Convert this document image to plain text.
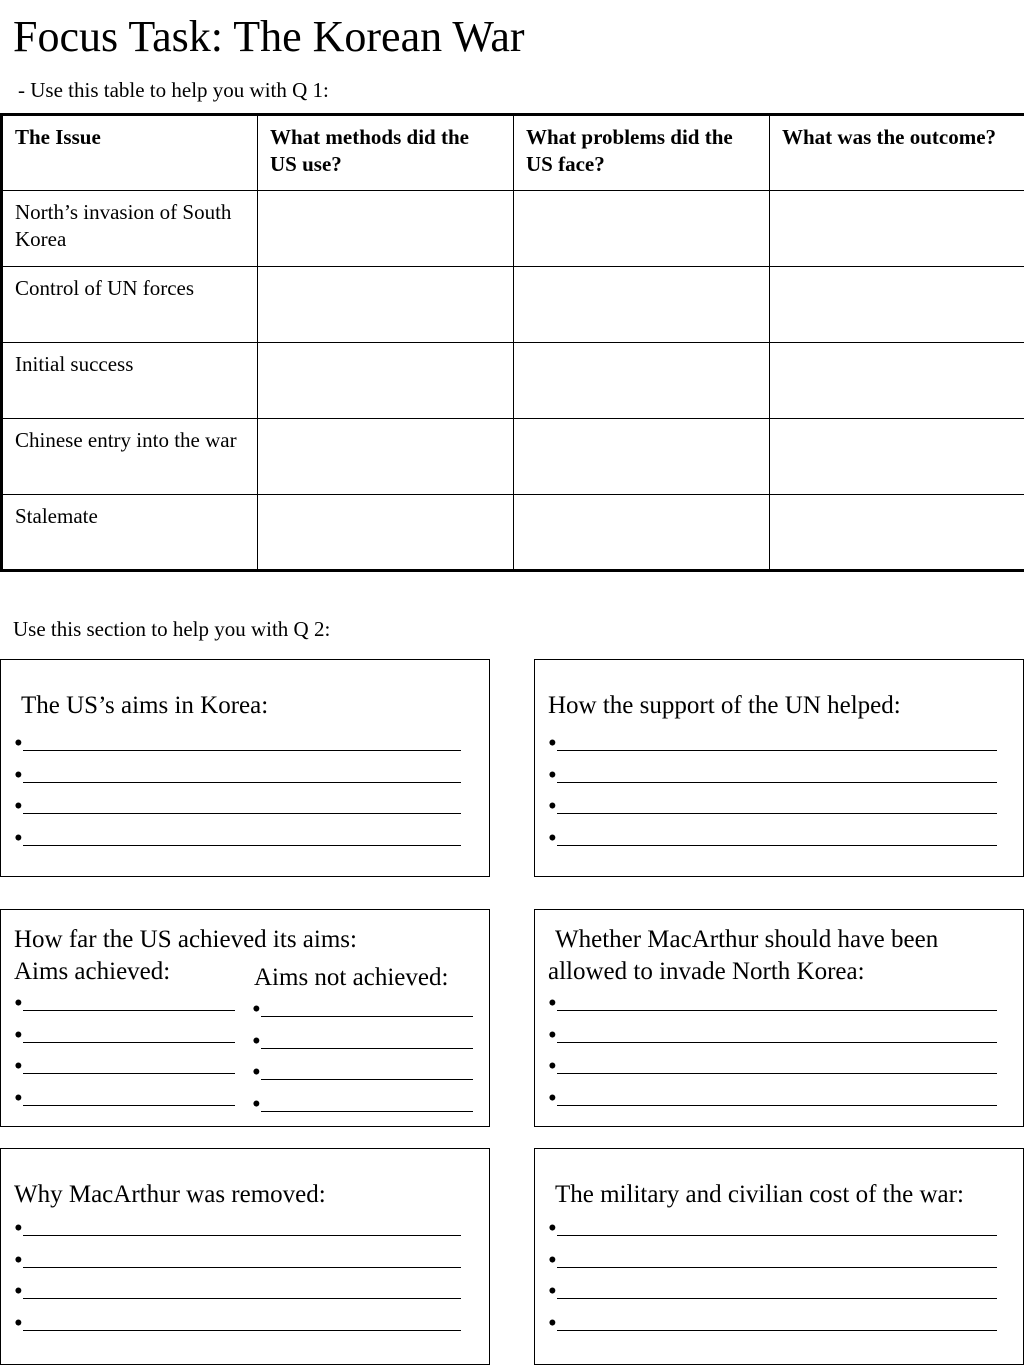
Focus Task: The Korean War
- Use this table to help you with Q 1:
The Issue	What methods did the US use?	What problems did the US face?	What was the outcome?
North’s invasion of South Korea			
Control of UN forces			
Initial success			
Chinese entry into the war			
Stalemate			
Use this section to help you with Q 2:
The US’s aims in Korea:
•
•
•
•
How the support of the UN helped:
•
•
•
•
How far the US achieved its aims:
Aims achieved:	Aims not achieved:
•
•
•
•
•
•
•
•
Whether MacArthur should have been
allowed to invade North Korea:
•
•
•
•
Why MacArthur was removed:
•
•
•
•
The military and civilian cost of the war:
•
•
•
•
